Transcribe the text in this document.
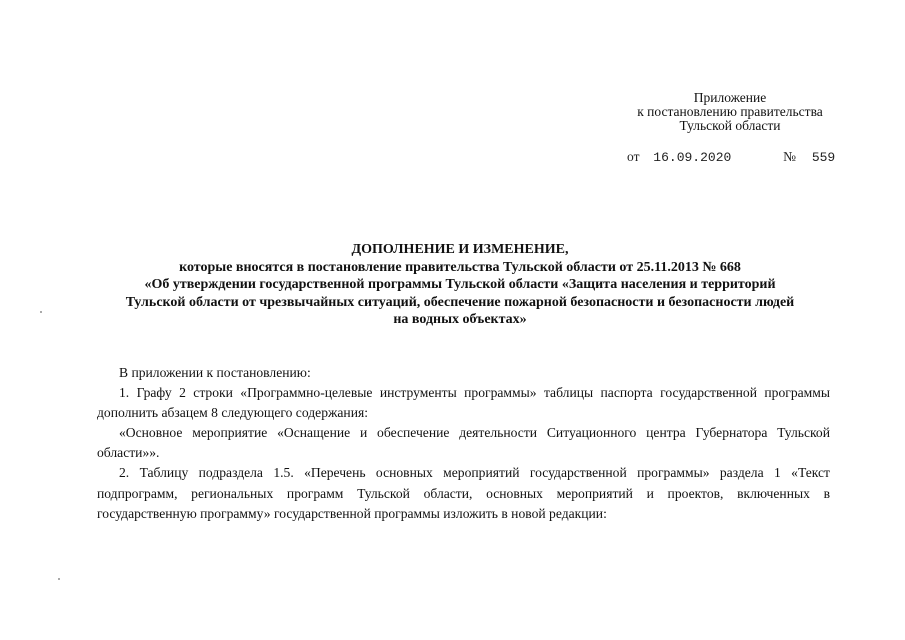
Приложение
к постановлению правительства
Тульской области
от 16.09.2020	№ 559
ДОПОЛНЕНИЕ И ИЗМЕНЕНИЕ,
которые вносятся в постановление правительства Тульской области от 25.11.2013 № 668
«Об утверждении государственной программы Тульской области «Защита населения и территорий
Тульской области от чрезвычайных ситуаций, обеспечение пожарной безопасности и безопасности людей
на водных объектах»
В приложении к постановлению:
1. Графу 2 строки «Программно-целевые инструменты программы» таблицы паспорта государственной программы
дополнить абзацем 8 следующего содержания:
«Основное мероприятие «Оснащение и обеспечение деятельности Ситуационного центра Губернатора Тульской
области»».
2. Таблицу подраздела 1.5. «Перечень основных мероприятий государственной программы» раздела 1 «Текст
подпрограмм, региональных программ Тульской области, основных мероприятий и проектов, включенных в
государственную программу» государственной программы изложить в новой редакции:
